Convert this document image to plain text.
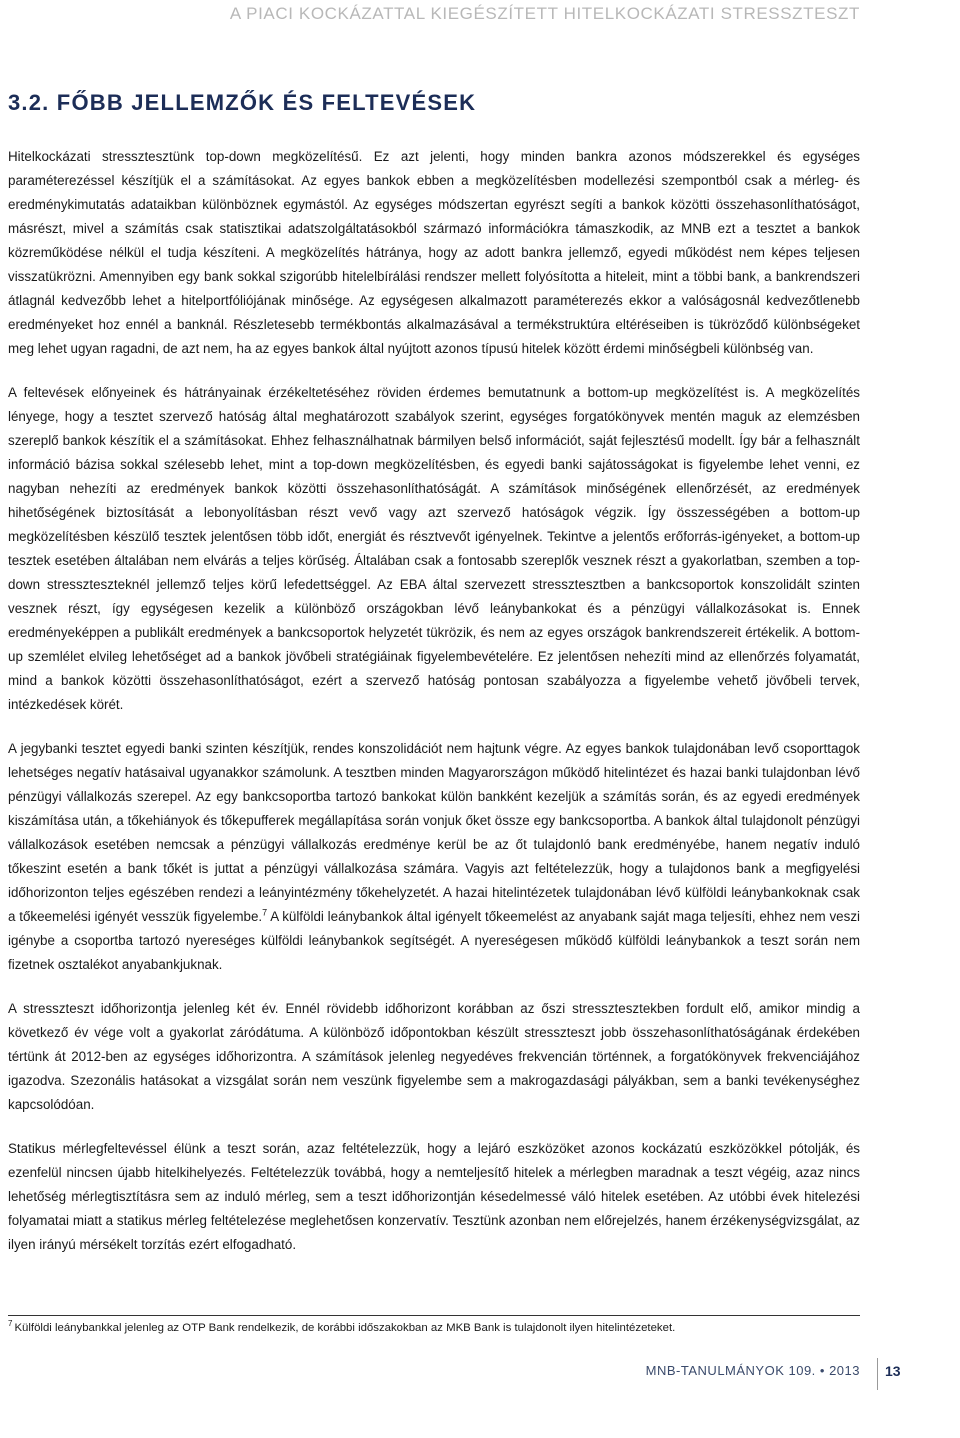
A PIACI KOCKÁZATTAL KIEGÉSZÍTETT HITELKOCKÁZATI STRESSZTESZT
3.2. FŐBB JELLEMZŐK ÉS FELTEVÉSEK

Hitelkockázati stressztesztünk top-down megközelítésű. Ez azt jelenti, hogy minden bankra azonos módszerekkel és egységes paraméterezéssel készítjük el a számításokat. Az egyes bankok ebben a megközelítésben modellezési szempontból csak a mérleg- és eredménykimutatás adataikban különböznek egymástól. Az egységes módszertan egyrészt segíti a bankok közötti összehasonlíthatóságot, másrészt, mivel a számítás csak statisztikai adatszolgáltatásokból származó információkra támaszkodik, az MNB ezt a tesztet a bankok közreműködése nélkül el tudja készíteni. A megközelítés hátránya, hogy az adott bankra jellemző, egyedi működést nem képes teljesen visszatükrözni. Amennyiben egy bank sokkal szigorúbb hitelelbírálási rendszer mellett folyósította a hiteleit, mint a többi bank, a bankrendszeri átlagnál kedvezőbb lehet a hitelportfóliójának minősége. Az egységesen alkalmazott paraméterezés ekkor a valóságosnál kedvezőtlenebb eredményeket hoz ennél a banknál. Részletesebb termékbontás alkalmazásával a termékstruktúra eltéréseiben is tükröződő különbségeket meg lehet ugyan ragadni, de azt nem, ha az egyes bankok által nyújtott azonos típusú hitelek között érdemi minőségbeli különbség van.

A feltevések előnyeinek és hátrányainak érzékeltetéséhez röviden érdemes bemutatnunk a bottom-up megközelítést is. A megközelítés lényege, hogy a tesztet szervező hatóság által meghatározott szabályok szerint, egységes forgatókönyvek mentén maguk az elemzésben szereplő bankok készítik el a számításokat. Ehhez felhasználhatnak bármilyen belső információt, saját fejlesztésű modellt. Így bár a felhasznált információ bázisa sokkal szélesebb lehet, mint a top-down megközelítésben, és egyedi banki sajátosságokat is figyelembe lehet venni, ez nagyban nehezíti az eredmények bankok közötti összehasonlíthatóságát. A számítások minőségének ellenőrzését, az eredmények hihetőségének biztosítását a lebonyolításban részt vevő vagy azt szervező hatóságok végzik. Így összességében a bottom-up megközelítésben készülő tesztek jelentősen több időt, energiát és résztvevőt igényelnek. Tekintve a jelentős erőforrás-igényeket, a bottom-up tesztek esetében általában nem elvárás a teljes körűség. Általában csak a fontosabb szereplők vesznek részt a gyakorlatban, szemben a top-down stresszteszteknél jellemző teljes körű lefedettséggel. Az EBA által szervezett stressztesztben a bankcsoportok konszolidált szinten vesznek részt, így egységesen kezelik a különböző országokban lévő leánybankokat és a pénzügyi vállalkozásokat is. Ennek eredményeképpen a publikált eredmények a bankcsoportok helyzetét tükrözik, és nem az egyes országok bankrendszereit értékelik. A bottom-up szemlélet elvileg lehetőséget ad a bankok jövőbeli stratégiáinak figyelembevételére. Ez jelentősen nehezíti mind az ellenőrzés folyamatát, mind a bankok közötti összehasonlíthatóságot, ezért a szervező hatóság pontosan szabályozza a figyelembe vehető jövőbeli tervek, intézkedések körét.

A jegybanki tesztet egyedi banki szinten készítjük, rendes konszolidációt nem hajtunk végre. Az egyes bankok tulajdonában levő csoporttagok lehetséges negatív hatásaival ugyanakkor számolunk. A tesztben minden Magyarországon működő hitelintézet és hazai banki tulajdonban lévő pénzügyi vállalkozás szerepel. Az egy bankcsoportba tartozó bankokat külön bankként kezeljük a számítás során, és az egyedi eredmények kiszámítása után, a tőkehiányok és tőkepufferek megállapítása során vonjuk őket össze egy bankcsoportba. A bankok által tulajdonolt pénzügyi vállalkozások esetében nemcsak a pénzügyi vállalkozás eredménye kerül be az őt tulajdonló bank eredményébe, hanem negatív induló tőkeszint esetén a bank tőkét is juttat a pénzügyi vállalkozása számára. Vagyis azt feltételezzük, hogy a tulajdonos bank a megfigyelési időhorizonton teljes egészében rendezi a leányintézmény tőkehelyzetét. A hazai hitelintézetek tulajdonában lévő külföldi leánybankoknak csak a tőkeemelési igényét vesszük figyelembe.$^7$ A külföldi leánybankok által igényelt tőkeemelést az anyabank saját maga teljesíti, ehhez nem veszi igénybe a csoportba tartozó nyereséges külföldi leánybankok segítségét. A nyereségesen működő külföldi leánybankok a teszt során nem fizetnek osztalékot anyabankjuknak.

A stresszteszt időhorizontja jelenleg két év. Ennél rövidebb időhorizont korábban az őszi stressztesztekben fordult elő, amikor mindig a következő év vége volt a gyakorlat záródátuma. A különböző időpontokban készült stresszteszt jobb összehasonlíthatóságának érdekében tértünk át 2012-ben az egységes időhorizontra. A számítások jelenleg negyedéves frekvencián történnek, a forgatókönyvek frekvenciájához igazodva. Szezonális hatásokat a vizsgálat során nem veszünk figyelembe sem a makrogazdasági pályákban, sem a banki tevékenységhez kapcsolódóan.

Statikus mérlegfeltevéssel élünk a teszt során, azaz feltételezzük, hogy a lejáró eszközöket azonos kockázatú eszközökkel pótolják, és ezenfelül nincsen újabb hitelkihelyezés. Feltételezzük továbbá, hogy a nemteljesítő hitelek a mérlegben maradnak a teszt végéig, azaz nincs lehetőség mérlegtisztításra sem az induló mérleg, sem a teszt időhorizontján késedelmessé váló hitelek esetében. Az utóbbi évek hitelezési folyamatai miatt a statikus mérleg feltételezése meglehetősen konzervatív. Tesztünk azonban nem előrejelzés, hanem érzékenységvizsgálat, az ilyen irányú mérsékelt torzítás ezért elfogadható.

$^7$ Külföldi leánybankkal jelenleg az OTP Bank rendelkezik, de korábbi időszakokban az MKB Bank is tulajdonolt ilyen hitelintézeteket.
MNB-TANULMÁNYOK 109. • 2013 13
